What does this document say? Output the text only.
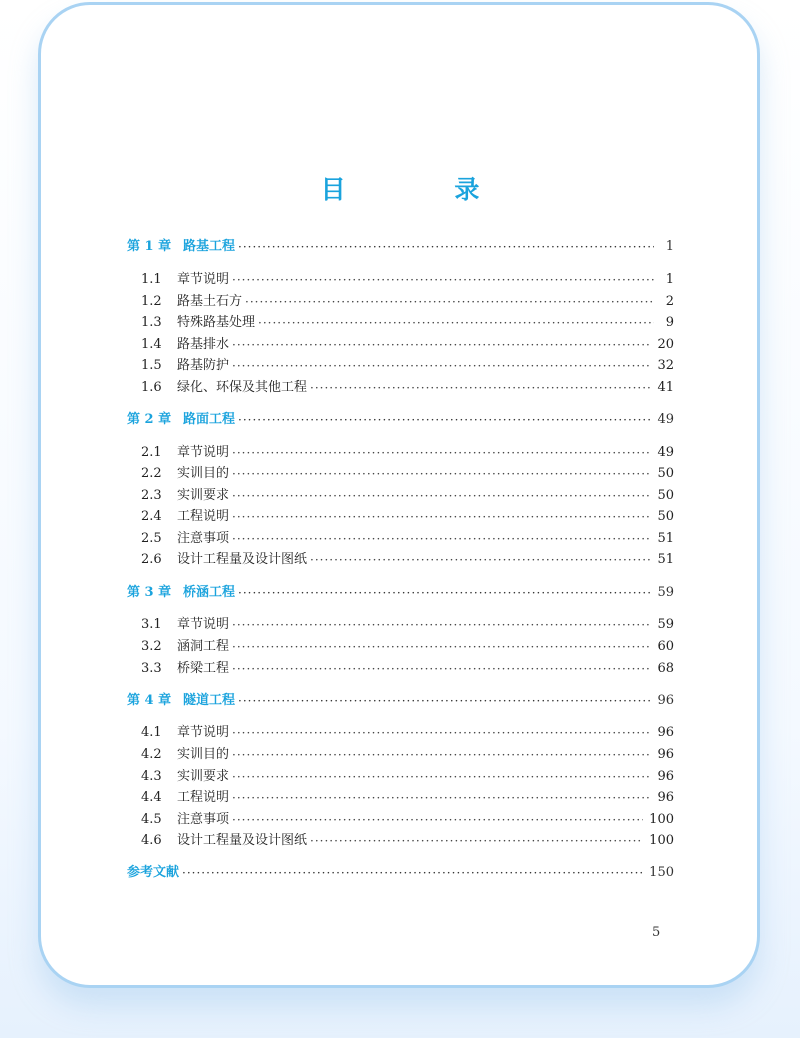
目 录
第 1 章 路基工程 ·····	1
1.1	章节说明 ·····	1
1.2	路基土石方 ·····	2
1.3	特殊路基处理 ·····	9
1.4	路基排水 ·····	20
1.5	路基防护 ·····	32
1.6	绿化、环保及其他工程 ·····	41
第 2 章 路面工程 ·····	49
2.1	章节说明 ·····	49
2.2	实训目的 ·····	50
2.3	实训要求 ·····	50
2.4	工程说明 ·····	50
2.5	注意事项 ·····	51
2.6	设计工程量及设计图纸 ·····	51
第 3 章 桥涵工程 ·····	59
3.1	章节说明 ·····	59
3.2	涵洞工程 ·····	60
3.3	桥梁工程 ·····	68
第 4 章 隧道工程 ·····	96
4.1	章节说明 ·····	96
4.2	实训目的 ·····	96
4.3	实训要求 ·····	96
4.4	工程说明 ·····	96
4.5	注意事项 ·····	100
4.6	设计工程量及设计图纸 ·····	100
参考文献 ·····	150
5
